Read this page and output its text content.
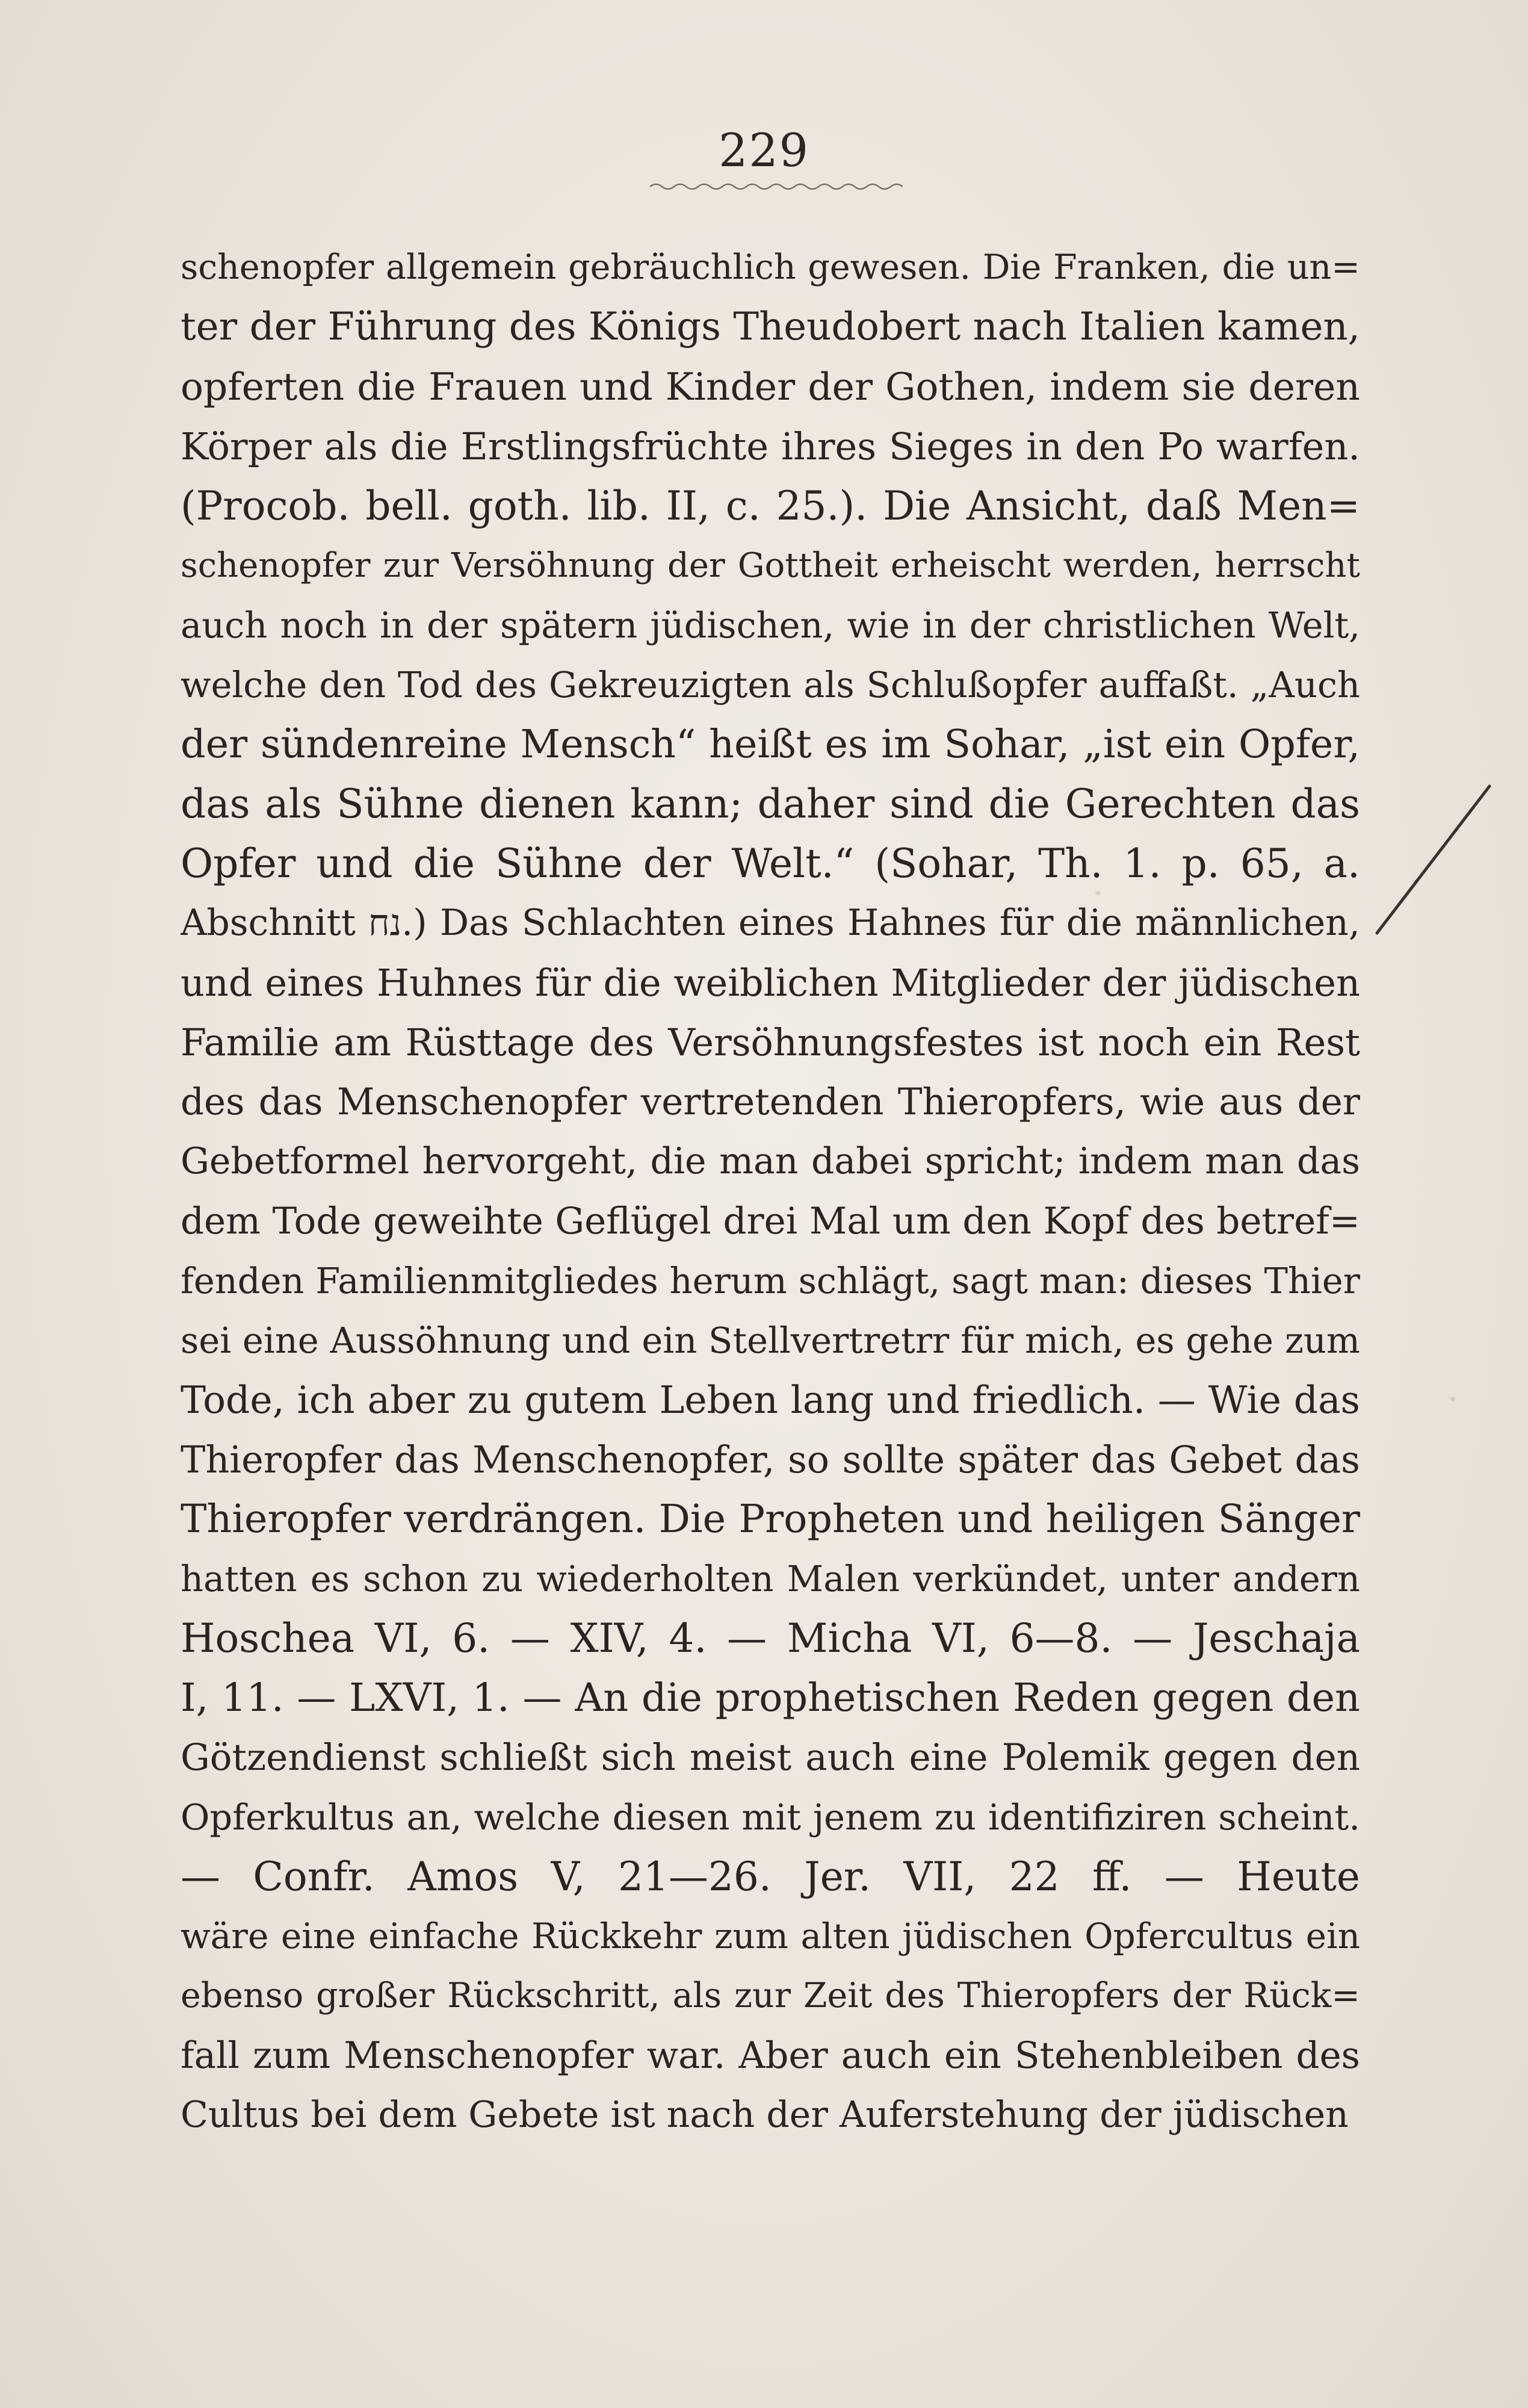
229
schenopfer allgemein gebräuchlich gewesen. Die Franken, die un=
ter der Führung des Königs Theudobert nach Italien kamen,
opferten die Frauen und Kinder der Gothen, indem sie deren
Körper als die Erstlingsfrüchte ihres Sieges in den Po warfen.
(Procob. bell. goth. lib. II, c. 25.). Die Ansicht, daß Men=
schenopfer zur Versöhnung der Gottheit erheischt werden, herrscht
auch noch in der spätern jüdischen, wie in der christlichen Welt,
welche den Tod des Gekreuzigten als Schlußopfer auffaßt. „Auch
der sündenreine Mensch“ heißt es im Sohar, „ist ein Opfer,
das als Sühne dienen kann; daher sind die Gerechten das
Opfer und die Sühne der Welt.“ (Sohar, Th. 1. p. 65, a.
Abschnitt נח.) Das Schlachten eines Hahnes für die männlichen,
und eines Huhnes für die weiblichen Mitglieder der jüdischen
Familie am Rüsttage des Versöhnungsfestes ist noch ein Rest
des das Menschenopfer vertretenden Thieropfers, wie aus der
Gebetformel hervorgeht, die man dabei spricht; indem man das
dem Tode geweihte Geflügel drei Mal um den Kopf des betref=
fenden Familienmitgliedes herum schlägt, sagt man: dieses Thier
sei eine Aussöhnung und ein Stellvertretrr für mich, es gehe zum
Tode, ich aber zu gutem Leben lang und friedlich. — Wie das
Thieropfer das Menschenopfer, so sollte später das Gebet das
Thieropfer verdrängen. Die Propheten und heiligen Sänger
hatten es schon zu wiederholten Malen verkündet, unter andern
Hoschea VI, 6. — XIV, 4. — Micha VI, 6—8. — Jeschaja
I, 11. — LXVI, 1. — An die prophetischen Reden gegen den
Götzendienst schließt sich meist auch eine Polemik gegen den
Opferkultus an, welche diesen mit jenem zu identifiziren scheint.
— Confr. Amos V, 21—26. Jer. VII, 22 ff. — Heute
wäre eine einfache Rückkehr zum alten jüdischen Opfercultus ein
ebenso großer Rückschritt, als zur Zeit des Thieropfers der Rück=
fall zum Menschenopfer war. Aber auch ein Stehenbleiben des
Cultus bei dem Gebete ist nach der Auferstehung der jüdischen
